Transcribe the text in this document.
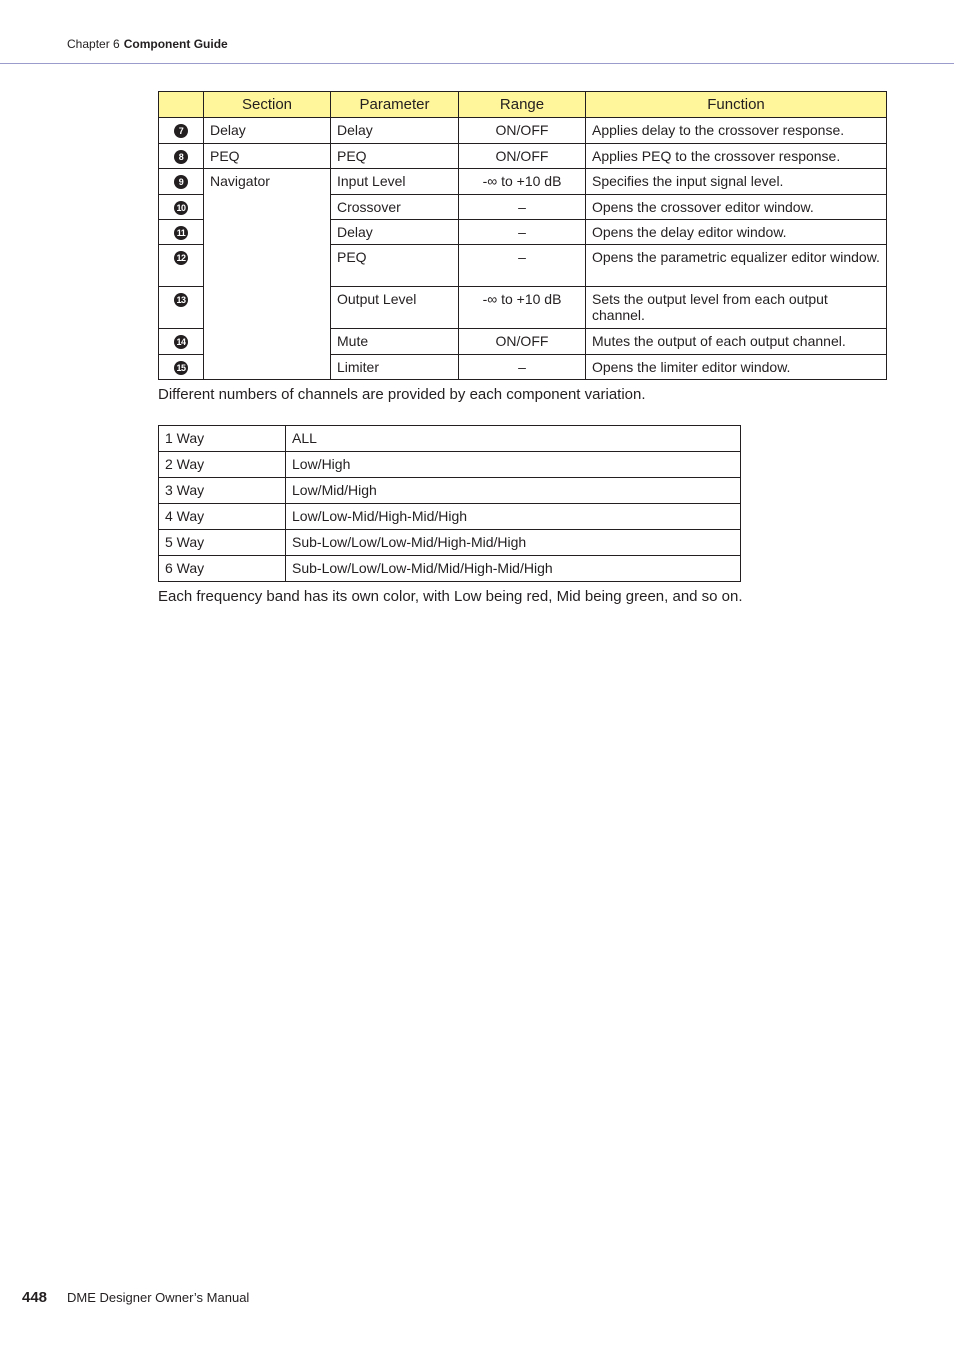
Chapter 6 Component Guide
	Section	Parameter	Range	Function
7	Delay	Delay	ON/OFF	Applies delay to the crossover response.
8	PEQ	PEQ	ON/OFF	Applies PEQ to the crossover response.
9	Navigator	Input Level	-∞ to +10 dB	Specifies the input signal level.
10		Crossover	–	Opens the crossover editor window.
11		Delay	–	Opens the delay editor window.
12		PEQ	–	Opens the parametric equalizer editor window.
13		Output Level	-∞ to +10 dB	Sets the output level from each output channel.
14		Mute	ON/OFF	Mutes the output of each output channel.
15		Limiter	–	Opens the limiter editor window.
Different numbers of channels are provided by each component variation.
1 Way	ALL
2 Way	Low/High
3 Way	Low/Mid/High
4 Way	Low/Low-Mid/High-Mid/High
5 Way	Sub-Low/Low/Low-Mid/High-Mid/High
6 Way	Sub-Low/Low/Low-Mid/Mid/High-Mid/High
Each frequency band has its own color, with Low being red, Mid being green, and so on.
448 DME Designer Owner’s Manual
